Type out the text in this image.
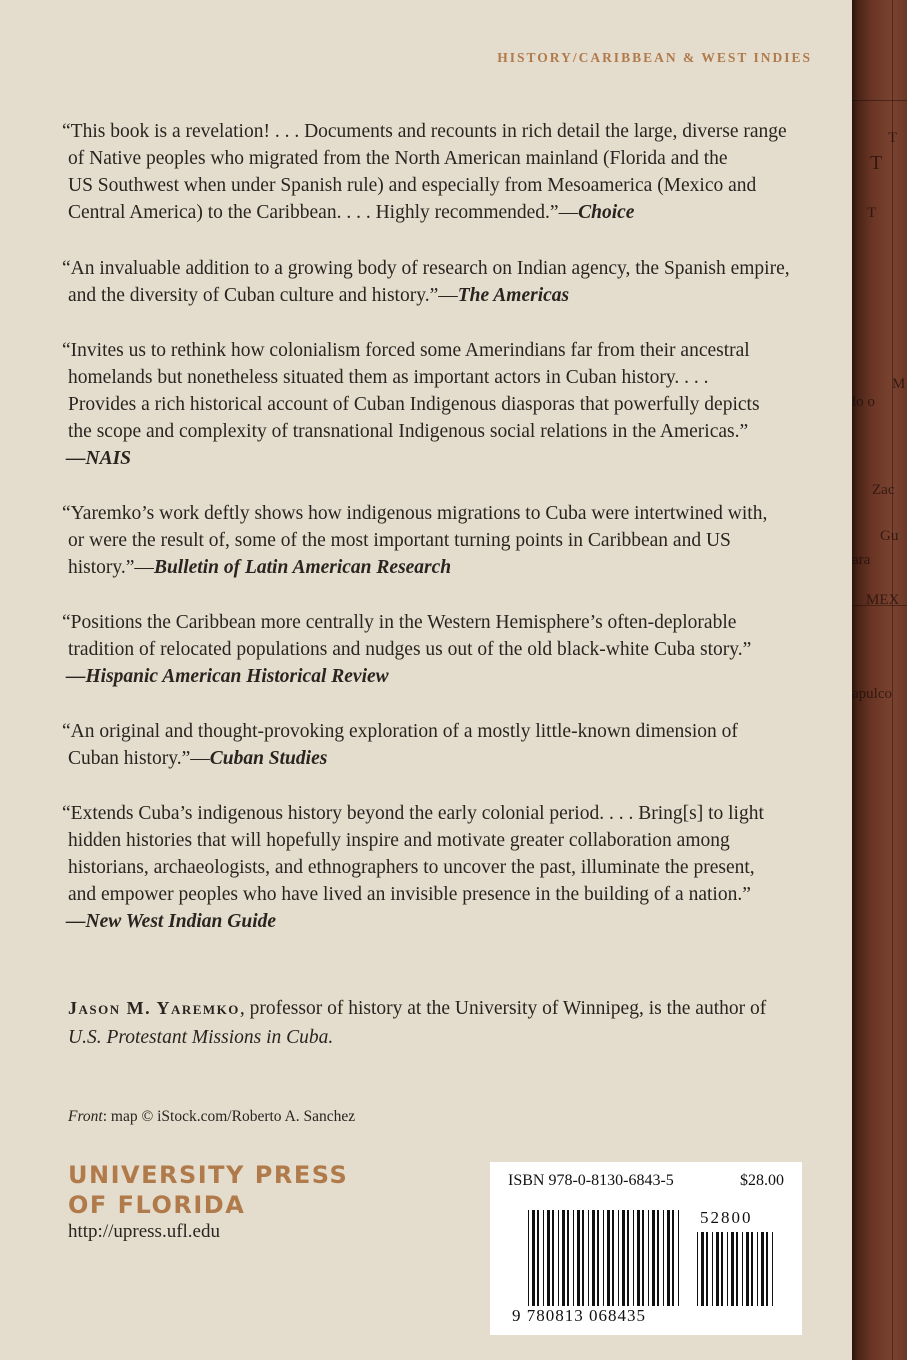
T
T
T
M
lo o
Zac
Gu
ara
MEX
apulco
HISTORY/CARIBBEAN & WEST INDIES

“This book is a revelation! . . . Documents and recounts in rich detail the large, diverse range
of Native peoples who migrated from the North American mainland (Florida and the
US Southwest when under Spanish rule) and especially from Mesoamerica (Mexico and
Central America) to the Caribbean. . . . Highly recommended.”—Choice

“An invaluable addition to a growing body of research on Indian agency, the Spanish empire,
and the diversity of Cuban culture and history.”—The Americas

“Invites us to rethink how colonialism forced some Amerindians far from their ancestral
homelands but nonetheless situated them as important actors in Cuban history. . . .
Provides a rich historical account of Cuban Indigenous diasporas that powerfully depicts
the scope and complexity of transnational Indigenous social relations in the Americas.”

—NAIS

“Yaremko’s work deftly shows how indigenous migrations to Cuba were intertwined with,
or were the result of, some of the most important turning points in Caribbean and US
history.”—Bulletin of Latin American Research

“Positions the Caribbean more centrally in the Western Hemisphere’s often-deplorable
tradition of relocated populations and nudges us out of the old black-white Cuba story.”

—Hispanic American Historical Review

“An original and thought-provoking exploration of a mostly little-known dimension of
Cuban history.”—Cuban Studies

“Extends Cuba’s indigenous history beyond the early colonial period. . . . Bring[s] to light
hidden histories that will hopefully inspire and motivate greater collaboration among
historians, archaeologists, and ethnographers to uncover the past, illuminate the present,
and empower peoples who have lived an invisible presence in the building of a nation.”

—New West Indian Guide

Jason M. Yaremko, professor of history at the University of Winnipeg, is the author of
U.S. Protestant Missions in Cuba.
Front: map © iStock.com/Roberto A. Sanchez
UNIVERSITY PRESS
OF FLORIDA
http://upress.ufl.edu
ISBN 978-0-8130-6843-5	$28.00
52800
9 780813 068435
